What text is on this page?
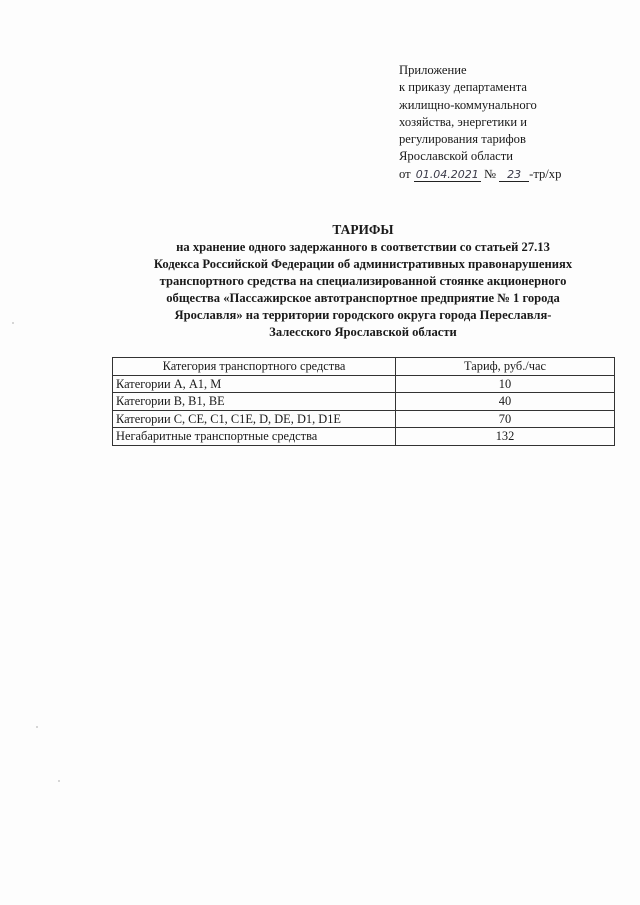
Приложение
к приказу департамента
жилищно-коммунального
хозяйства, энергетики и
регулирования тарифов
Ярославской области
от 01.04.2021 № 23 -тр/хр
ТАРИФЫ
на хранение одного задержанного в соответствии со статьей 27.13
Кодекса Российской Федерации об административных правонарушениях
транспортного средства на специализированной стоянке акционерного
общества «Пассажирское автотранспортное предприятие № 1 города
Ярославля» на территории городского округа города Переславля-
Залесского Ярославской области
Категория транспортного средства	Тариф, руб./час
Категории А, А1, М	10
Категории В, В1, ВЕ	40
Категории С, СЕ, С1, С1Е, D, DE, D1, D1E	70
Негабаритные транспортные средства	132
